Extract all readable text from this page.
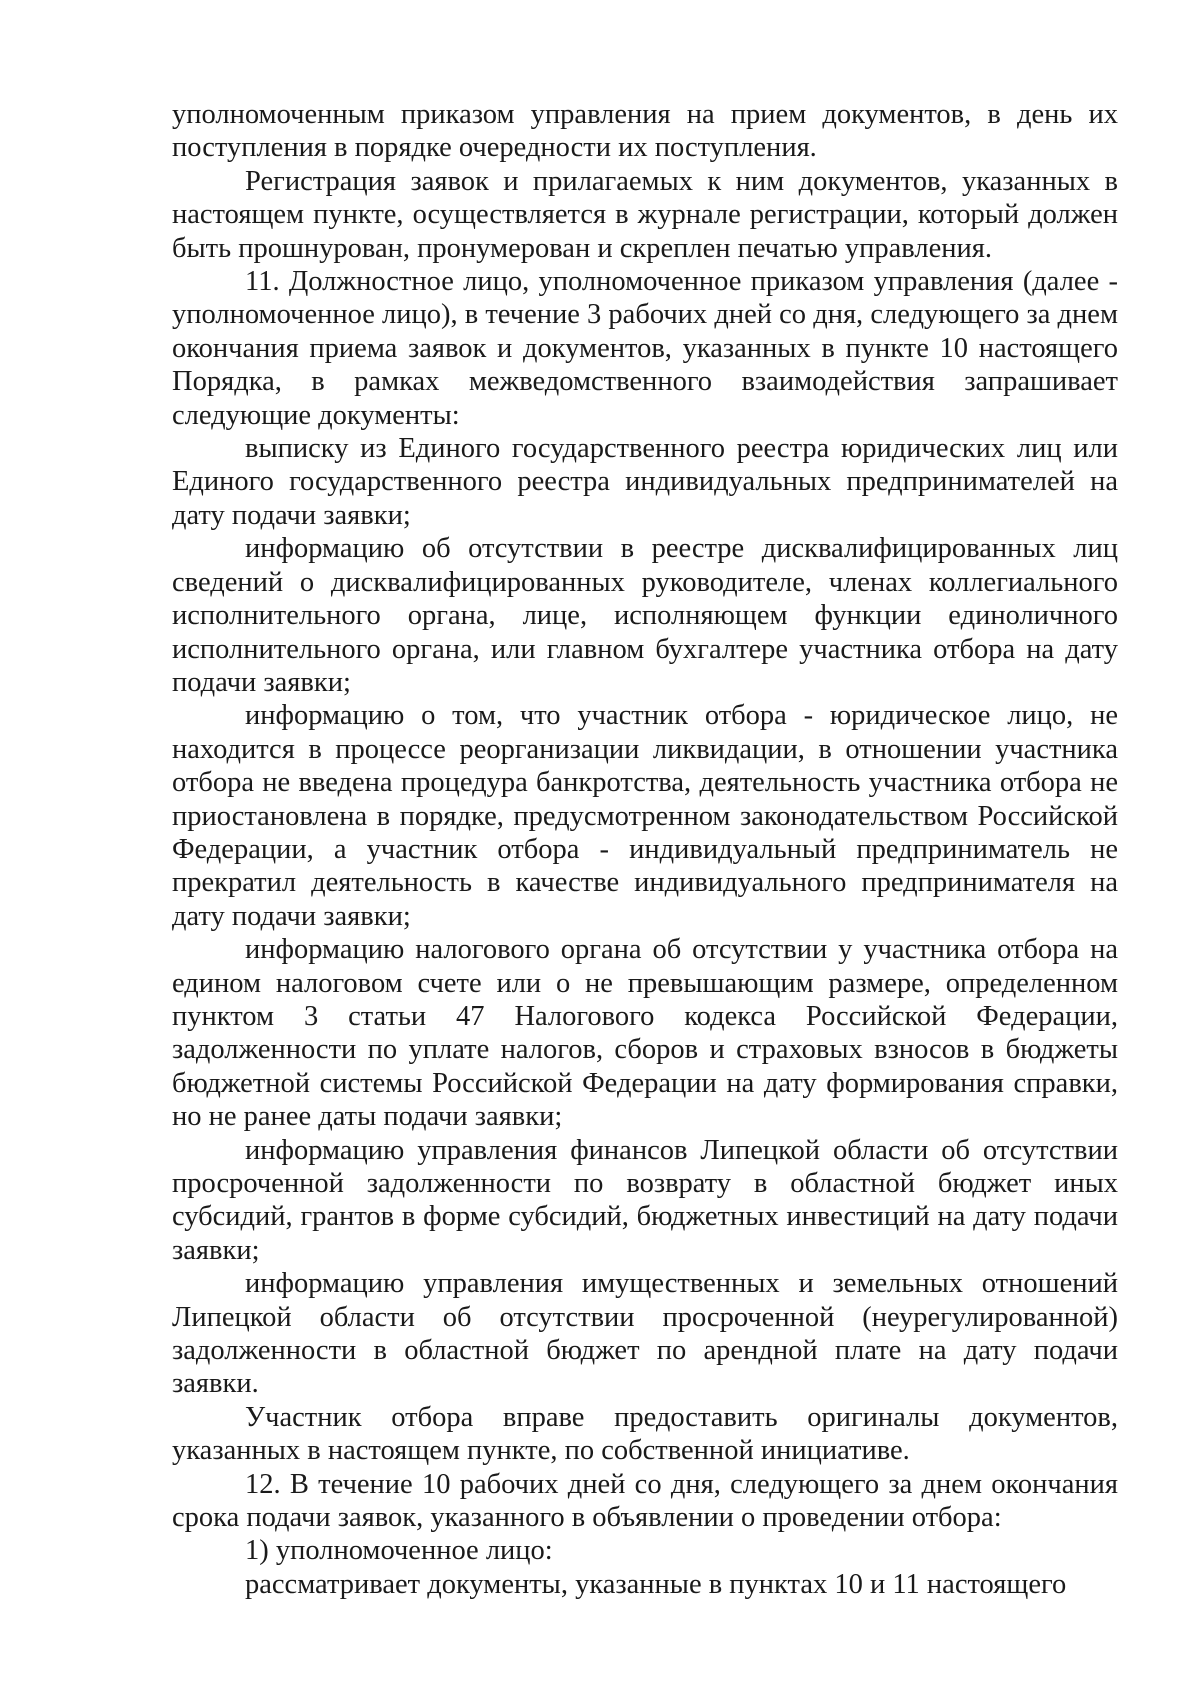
уполномоченным приказом управления на прием документов, в день их поступления в порядке очередности их поступления.

Регистрация заявок и прилагаемых к ним документов, указанных в настоящем пункте, осуществляется в журнале регистрации, который должен быть прошнурован, пронумерован и скреплен печатью управления.

11. Должностное лицо, уполномоченное приказом управления (далее - уполномоченное лицо), в течение 3 рабочих дней со дня, следующего за днем окончания приема заявок и документов, указанных в пункте 10 настоящего Порядка, в рамках межведомственного взаимодействия запрашивает следующие документы:

выписку из Единого государственного реестра юридических лиц или Единого государственного реестра индивидуальных предпринимателей на дату подачи заявки;

информацию об отсутствии в реестре дисквалифицированных лиц сведений о дисквалифицированных руководителе, членах коллегиального исполнительного органа, лице, исполняющем функции единоличного исполнительного органа, или главном бухгалтере участника отбора на дату подачи заявки;

информацию о том, что участник отбора - юридическое лицо, не находится в процессе реорганизации ликвидации, в отношении участника отбора не введена процедура банкротства, деятельность участника отбора не приостановлена в порядке, предусмотренном законодательством Российской Федерации, а участник отбора - индивидуальный предприниматель не прекратил деятельность в качестве индивидуального предпринимателя на дату подачи заявки;

информацию налогового органа об отсутствии у участника отбора на едином налоговом счете или о не превышающим размере, определенном пунктом 3 статьи 47 Налогового кодекса Российской Федерации, задолженности по уплате налогов, сборов и страховых взносов в бюджеты бюджетной системы Российской Федерации на дату формирования справки, но не ранее даты подачи заявки;

информацию управления финансов Липецкой области об отсутствии просроченной задолженности по возврату в областной бюджет иных субсидий, грантов в форме субсидий, бюджетных инвестиций на дату подачи заявки;

информацию управления имущественных и земельных отношений Липецкой области об отсутствии просроченной (неурегулированной) задолженности в областной бюджет по арендной плате на дату подачи заявки.

Участник отбора вправе предоставить оригиналы документов, указанных в настоящем пункте, по собственной инициативе.

12. В течение 10 рабочих дней со дня, следующего за днем окончания срока подачи заявок, указанного в объявлении о проведении отбора:

1) уполномоченное лицо:

рассматривает документы, указанные в пунктах 10 и 11 настоящего
